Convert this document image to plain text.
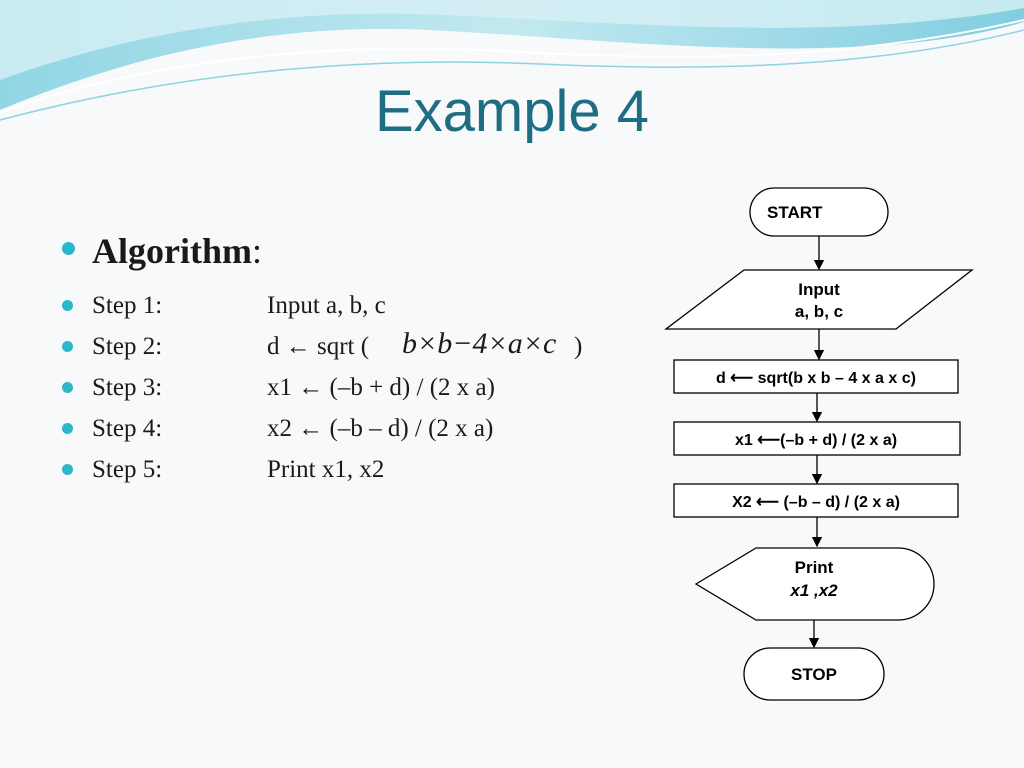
Example 4
Algorithm:
Step 1:	Input a, b, c
Step 2:	d ← sqrt ( b×b−4×a×c )
Step 3:	x1 ← (–b + d) / (2 x a)
Step 4:	x2 ← (–b – d) / (2 x a)
Step 5:	Print x1, x2
START
Input
a, b, c
d ⟵ sqrt(b x b – 4 x a x c)
x1 ⟵(–b + d) / (2 x a)
X2 ⟵ (–b – d) / (2 x a)
Print
x1 ,x2
STOP
